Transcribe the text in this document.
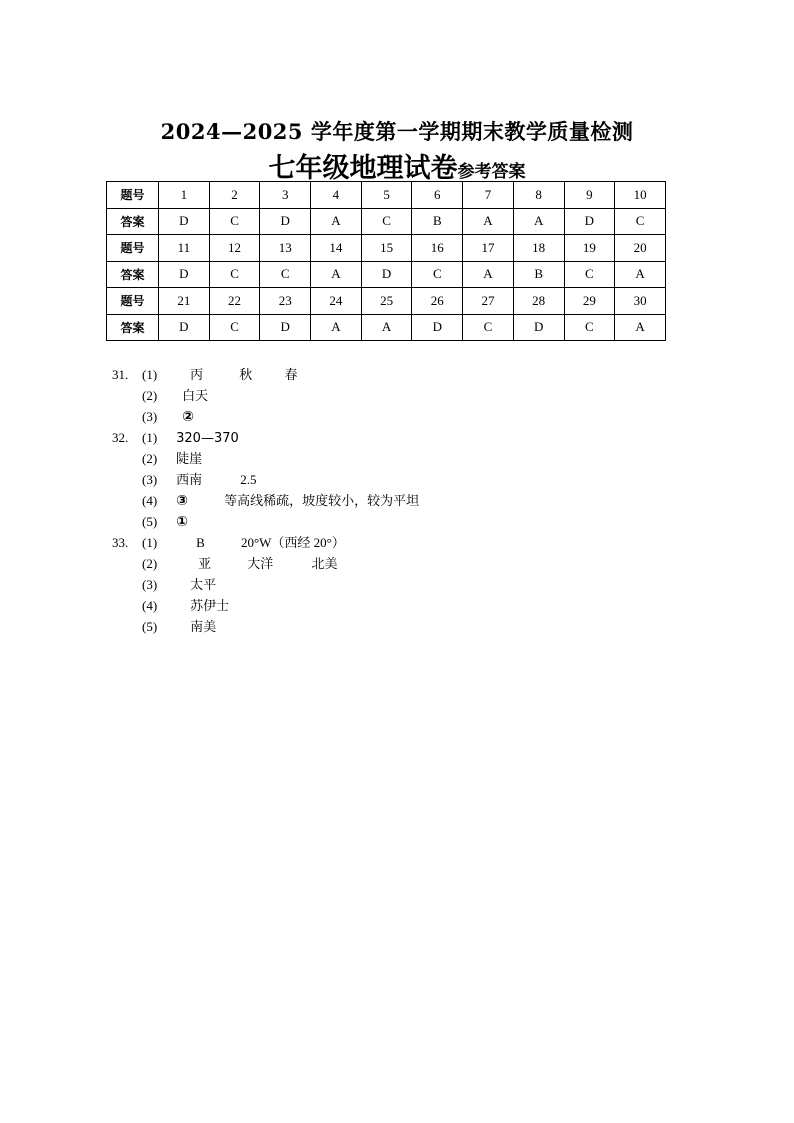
2024—2025 学年度第一学期期末教学质量检测
七年级地理试卷参考答案
题号	1	2	3	4	5	6	7	8	9	10
答案	D	C	D	A	C	B	A	A	D	C
题号	11	12	13	14	15	16	17	18	19	20
答案	D	C	C	A	D	C	A	B	C	A
题号	21	22	23	24	25	26	27	28	29	30
答案	D	C	D	A	A	D	C	D	C	A
31. (1)	丙	秋 春
(2) 白天
(3) ②
32. (1) 320—370
(2) 陡崖
(3) 西南	2.5
(4) ③	等高线稀疏，坡度较小，较为平坦
(5) ①
33. (1)	B	20°W（西经 20°）
(2)	亚	大洋	北美
(3)	太平
(4)	苏伊士
(5)	南美
